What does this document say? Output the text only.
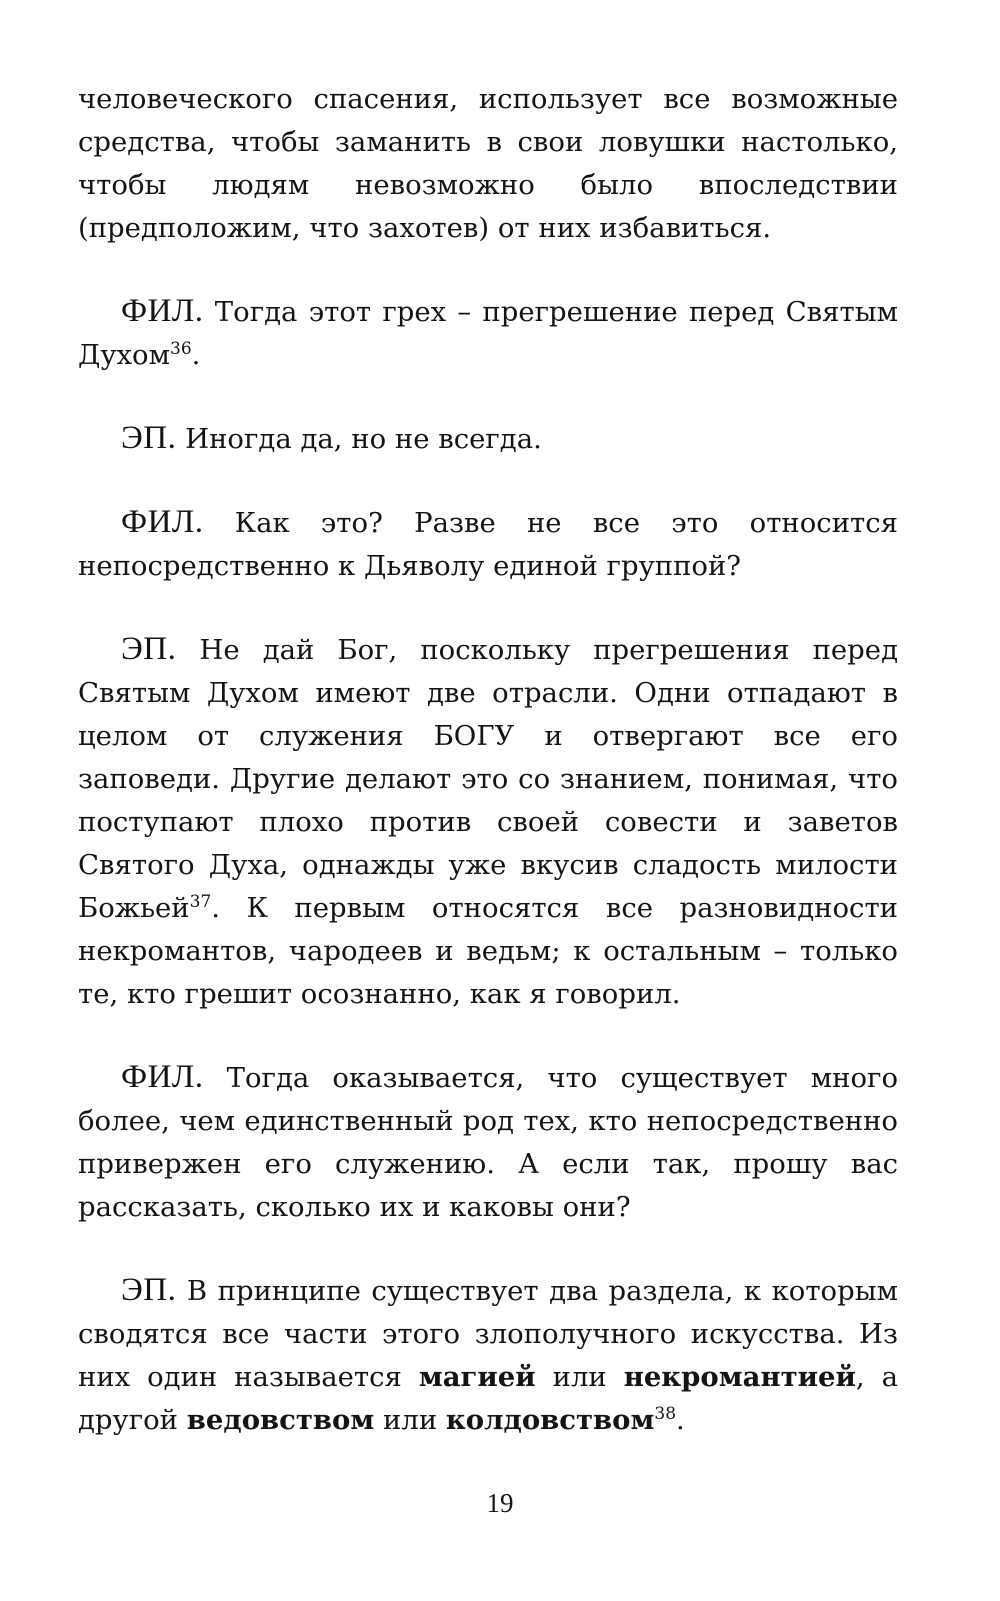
человеческого спасения, использует все возможные средства, чтобы заманить в свои ловушки настолько, чтобы людям невозможно было впоследствии (предположим, что захотев) от них избавиться.

ФИЛ. Тогда этот грех – прегрешение перед Святым Духом$^{36}$.

ЭП. Иногда да, но не всегда.

ФИЛ. Как это? Разве не все это относится непосредственно к Дьяволу единой группой?

ЭП. Не дай Бог, поскольку прегрешения перед Святым Духом имеют две отрасли. Одни отпадают в целом от служения БОГУ и отвергают все его заповеди. Другие делают это со знанием, понимая, что поступают плохо против своей совести и заветов Святого Духа, однажды уже вкусив сладость милости Божьей$^{37}$. К первым относятся все разновидности некромантов, чародеев и ведьм; к остальным – только те, кто грешит осознанно, как я говорил.

ФИЛ. Тогда оказывается, что существует много более, чем единственный род тех, кто непосредственно привержен его служению. А если так, прошу вас рассказать, сколько их и каковы они?

ЭП. В принципе существует два раздела, к которым сводятся все части этого злополучного искусства. Из них один называется магией или некромантией, а другой ведовством или колдовством$^{38}$.

19
